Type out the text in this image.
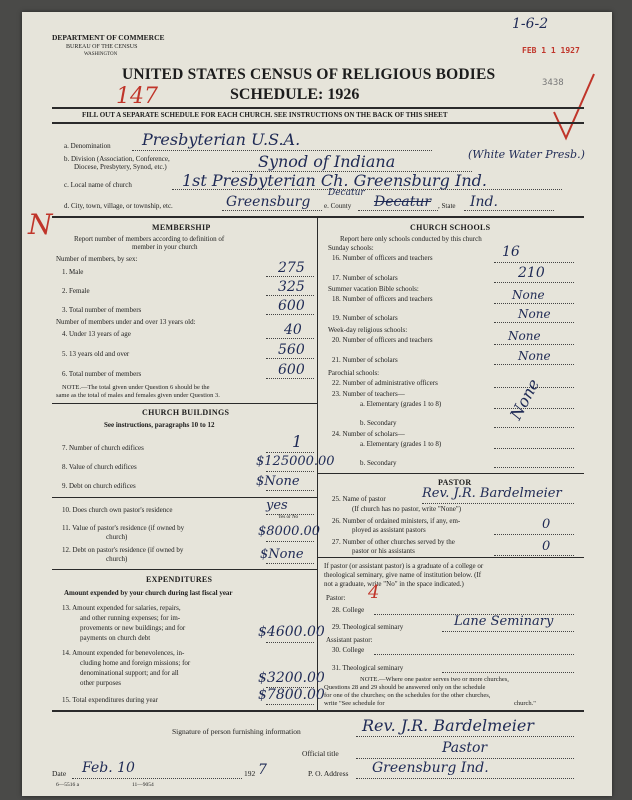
DEPARTMENT OF COMMERCE
BUREAU OF THE CENSUS
WASHINGTON
1-6-2
FEB 1 1 1927
3438
UNITED STATES CENSUS OF RELIGIOUS BODIES
SCHEDULE: 1926
147
FILL OUT A SEPARATE SCHEDULE FOR EACH CHURCH. SEE INSTRUCTIONS ON THE BACK OF THIS SHEET
a. Denomination Presbyterian U.S.A.
b. Division (Association, Conference,
Diocese, Presbytery, Synod, etc.)	Synod of Indiana	(White Water Presb.)
c. Local name of church	1st Presbyterian Ch. Greensburg Ind.
d. City, town, village, or township, etc.	Greensburg e. County
Decatur
Decatur , State Ind.
N	MEMBERSHIP
Report number of members according to definition of
member in your church
Number of members, by sex:
1. Male	275
2. Female	325
3. Total number of members	600
Number of members under and over 13 years old:
4. Under 13 years of age	40
5. 13 years old and over	560
6. Total number of members	600
NOTE.—The total given under Question 6 should be the
same as the total of males and females given under Question 3.
CHURCH BUILDINGS
See instructions, paragraphs 10 to 12
7. Number of church edifices	1
8. Value of church edifices	$125000.00
9. Debt on church edifices	$None
10. Does church own pastor's residence	yes
Yes or No
11. Value of pastor's residence (if owned by
church)	$8000.00
12. Debt on pastor's residence (if owned by
church)	$None
EXPENDITURES
Amount expended by your church during last fiscal year
13. Amount expended for salaries, repairs,
and other running expenses; for im-
provements or new buildings; and for
payments on church debt	$4600.00
14. Amount expended for benevolences, in-
cluding home and foreign missions; for
denominational support; and for all
other purposes	$3200.00
15. Total expenditures during year	$7800.00
CHURCH SCHOOLS
Report here only schools conducted by this church
Sunday schools:
16. Number of officers and teachers	16
17. Number of scholars	210
Summer vacation Bible schools:
18. Number of officers and teachers	None
19. Number of scholars	None
Week-day religious schools:
20. Number of officers and teachers	None
21. Number of scholars	None
Parochial schools:
22. Number of administrative officers
23. Number of teachers—
a. Elementary (grades 1 to 8)
b. Secondary
24. Number of scholars—
a. Elementary (grades 1 to 8)
b. Secondary
None
PASTOR
25. Name of pastor	Rev. J.R. Bardelmeier
(If church has no pastor, write "None")
26. Number of ordained ministers, if any, em-
ployed as assistant pastors	0
27. Number of other churches served by the
pastor or his assistants	0
If pastor (or assistant pastor) is a graduate of a college or
theological seminary, give name of institution below. (If
not a graduate, write "No" in the space indicated.)
Pastor: 4
28. College
29. Theological seminary	Lane Seminary
Assistant pastor:
30. College
31. Theological seminary
NOTE.—Where one pastor serves two or more churches,
Questions 28 and 29 should be answered only on the schedule
for one of the churches; on the schedules for the other churches,
write "See schedule for	church."
Signature of person furnishing information	Rev. J.R. Bardelmeier
Official title	Pastor
Date Feb. 10	192 7	P. O. Address Greensburg Ind.
6—5516 a	11—9054
